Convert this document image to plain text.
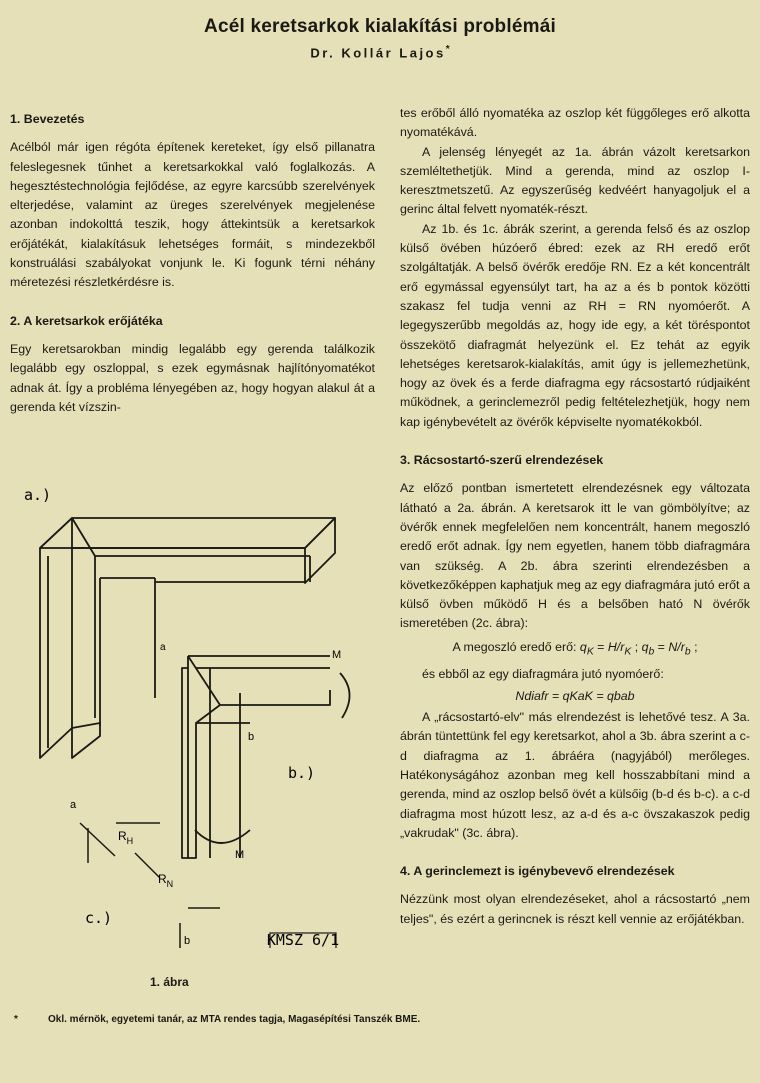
Acél keretsarkok kialakítási problémái
Dr. Kollár Lajos*
1. Bevezetés

Acélból már igen régóta építenek kereteket, így első pillanatra feleslegesnek tűnhet a keretsarkokkal való foglalkozás. A hegesztéstechnológia fejlődése, az egyre karcsúbb szerelvények elterjedése, valamint az üreges szerelvények megjelenése azonban indokolttá teszik, hogy áttekintsük a keretsarkok erőjátékát, kialakításuk lehetséges formáit, s mindezekből konstruálási szabályokat vonjunk le. Ki fogunk térni néhány méretezési részletkérdésre is.

2. A keretsarkok erőjátéka

Egy keretsarokban mindig legalább egy gerenda találkozik legalább egy oszloppal, s ezek egymásnak hajlítónyomatékot adnak át. Így a probléma lényegében az, hogy hogyan alakul át a gerenda két vízszin-

a.)
b.)
c.)
a
b
a
b
M
M
$R_H$
$R_N$
KMSZ 6/1
1. ábra

tes erőből álló nyomatéka az oszlop két függőleges erő alkotta nyomatékává.

A jelenség lényegét az 1a. ábrán vázolt keretsarkon szemléltethetjük. Mind a gerenda, mind az oszlop I-keresztmetszetű. Az egyszerűség kedvéért hanyagoljuk el a gerinc által felvett nyomaték-részt.

Az 1b. és 1c. ábrák szerint, a gerenda felső és az oszlop külső övében húzóerő ébred: ezek az RH eredő erőt szolgáltatják. A belső övérők eredője RN. Ez a két koncentrált erő egymással egyensúlyt tart, ha az a és b pontok közötti szakasz fel tudja venni az RH = RN nyomóerőt. A legegyszerűbb megoldás az, hogy ide egy, a két töréspontot összekötő diafragmát helyezünk el. Ez tehát az egyik lehetséges keretsarok-kialakítás, amit úgy is jellemezhetünk, hogy az övek és a ferde diafragma egy rácsostartó rúdjaiként működnek, a gerinclemezről pedig feltételezhetjük, hogy nem kap igénybevételt az övérők képviselte nyomatékokból.

3. Rácsostartó-szerű elrendezések

Az előző pontban ismertetett elrendezésnek egy változata látható a 2a. ábrán. A keretsarok itt le van gömbölyítve; az övérők ennek megfelelően nem koncentrált, hanem megoszló eredő erőt adnak. Így nem egyetlen, hanem több diafragmára van szükség. A 2b. ábra szerinti elrendezésben a következőképpen kaphatjuk meg az egy diafragmára jutó erőt a külső övben működő H és a belsőben ható N övérők ismeretében (2c. ábra):

A megoszló eredő erő: $q_K = H/r_K$ ; $q_b = N/r_b$ ;
és ebből az egy diafragmára jutó nyomóerő:
Ndiafr = qKaK = qbab

A „rácsostartó-elv" más elrendezést is lehetővé tesz. A 3a. ábrán tüntettünk fel egy keretsarkot, ahol a 3b. ábra szerint a c-d diafragma az 1. ábráéra (nagyjából) merőleges. Hatékonyságához azonban meg kell hosszabbítani mind a gerenda, mind az oszlop belső övét a külsőig (b-d és b-c). a c-d diafragma most húzott lesz, az a-d és a-c övszakaszok pedig „vakrudak" (3c. ábra).

4. A gerinclemezt is igénybevevő elrendezések

Nézzünk most olyan elrendezéseket, ahol a rácsostartó „nem teljes", és ezért a gerincnek is részt kell vennie az erőjátékban.

*	Okl. mérnök, egyetemi tanár, az MTA rendes tagja, Magasépítési Tanszék BME.
